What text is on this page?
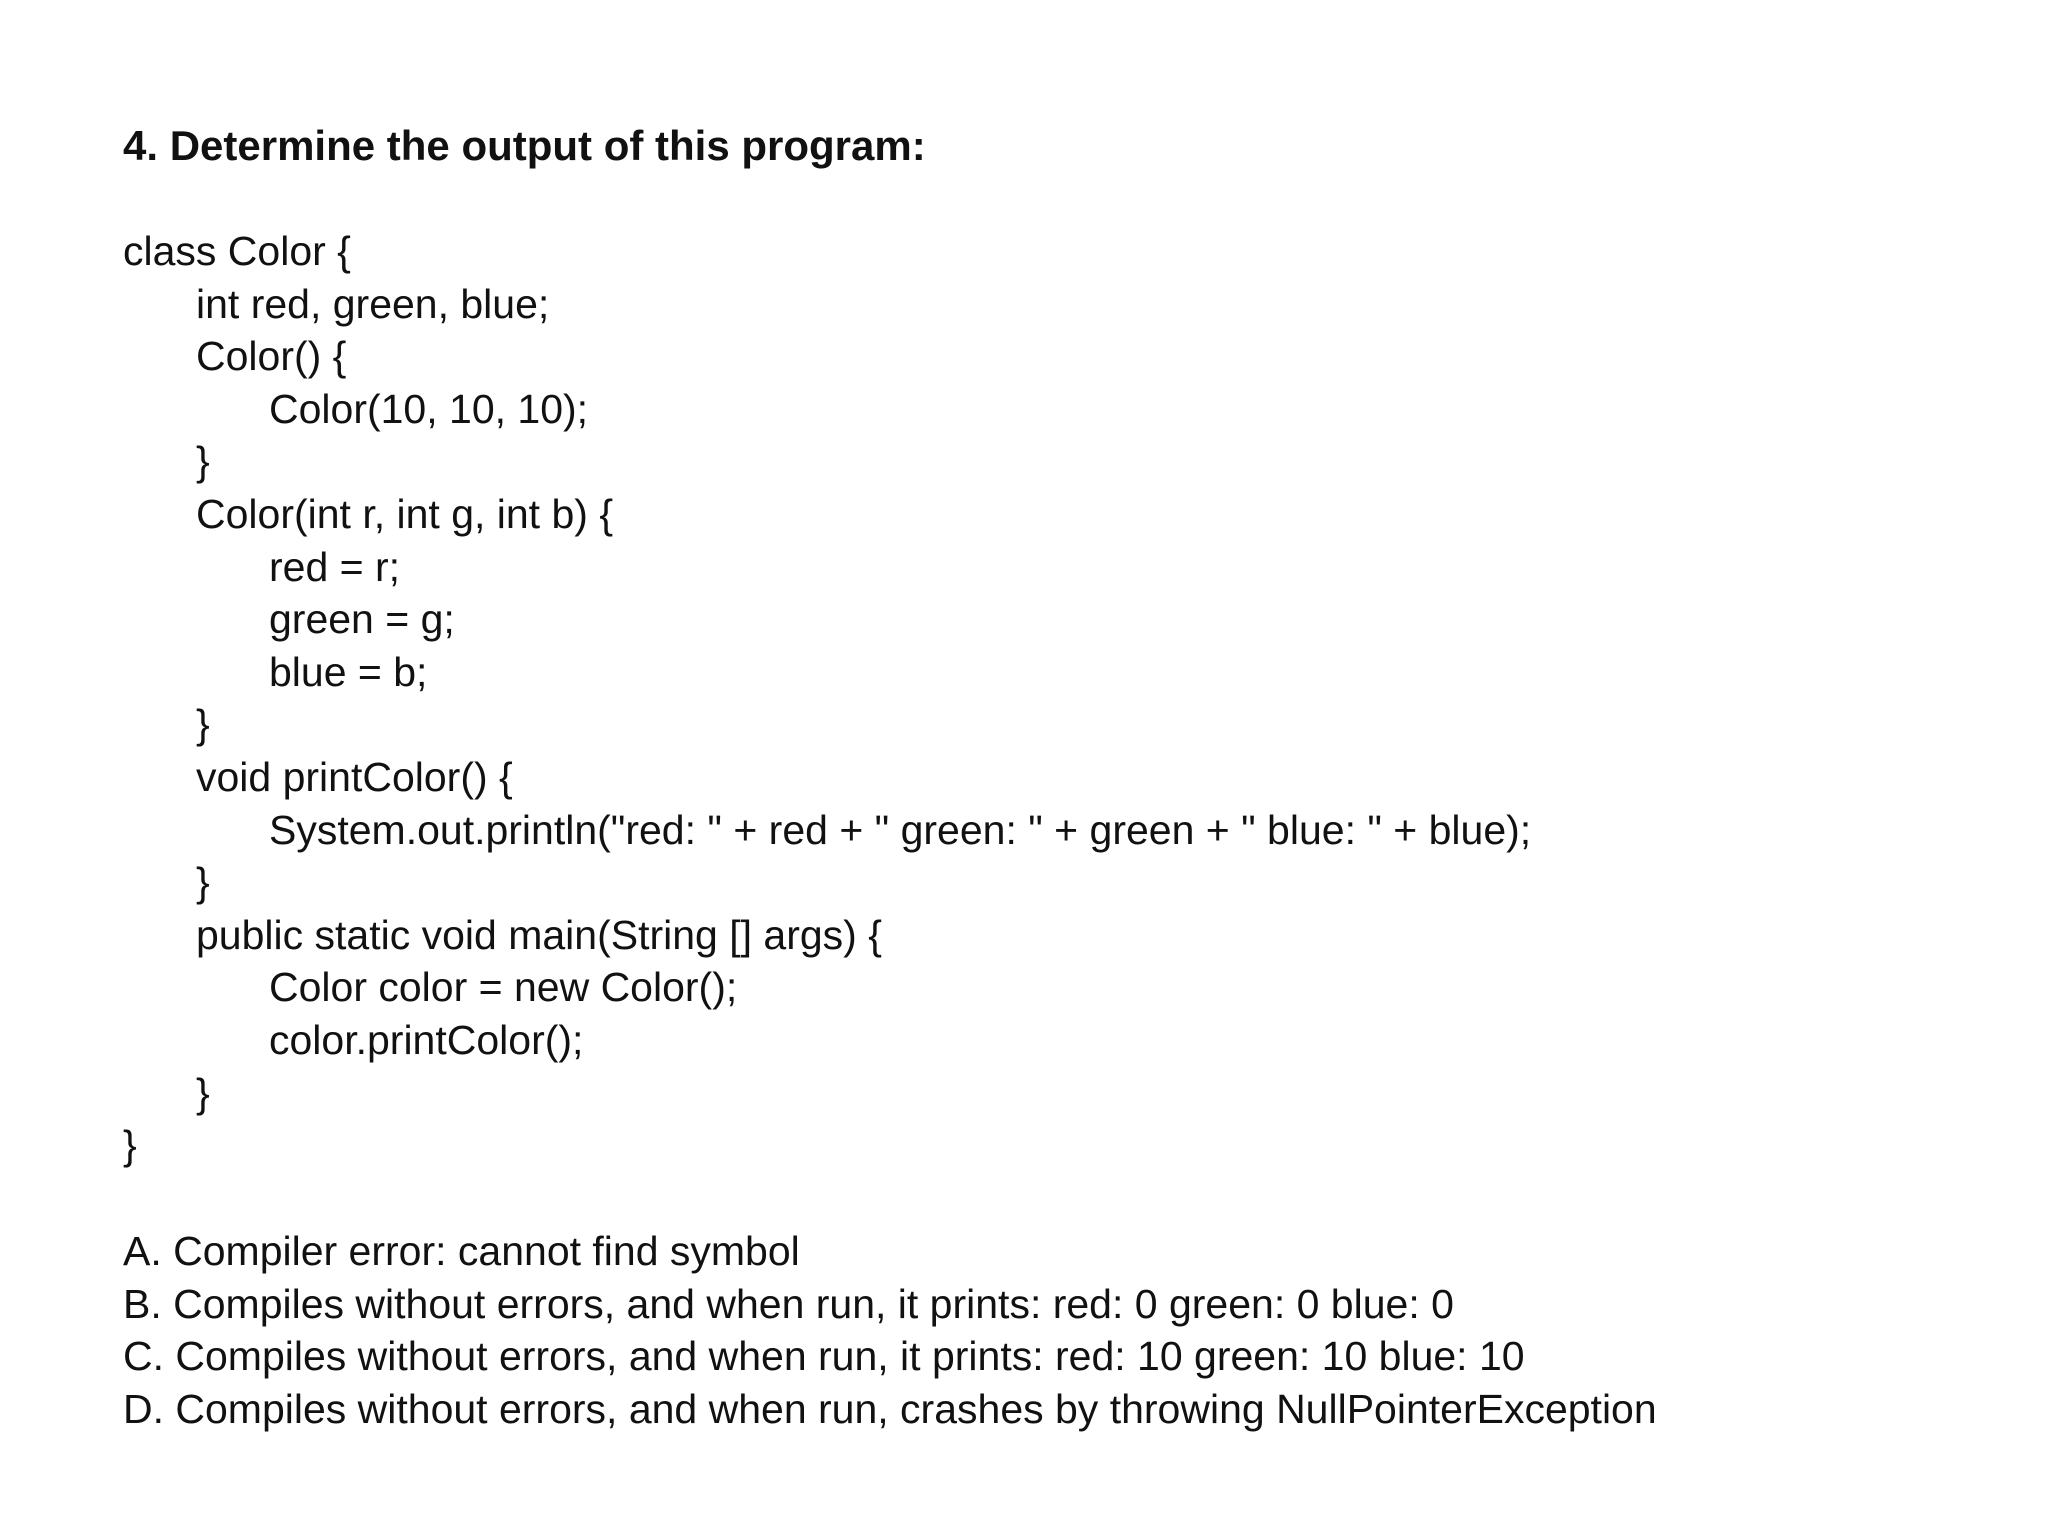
4. Determine the output of this program:
class Color {
int red, green, blue;
Color() {
Color(10, 10, 10);
}
Color(int r, int g, int b) {
red = r;
green = g;
blue = b;
}
void printColor() {
System.out.println("red: " + red + " green: " + green + " blue: " + blue);
}
public static void main(String [] args) {
Color color = new Color();
color.printColor();
}
}
A. Compiler error: cannot find symbol
B. Compiles without errors, and when run, it prints: red: 0 green: 0 blue: 0
C. Compiles without errors, and when run, it prints: red: 10 green: 10 blue: 10
D. Compiles without errors, and when run, crashes by throwing NullPointerException
